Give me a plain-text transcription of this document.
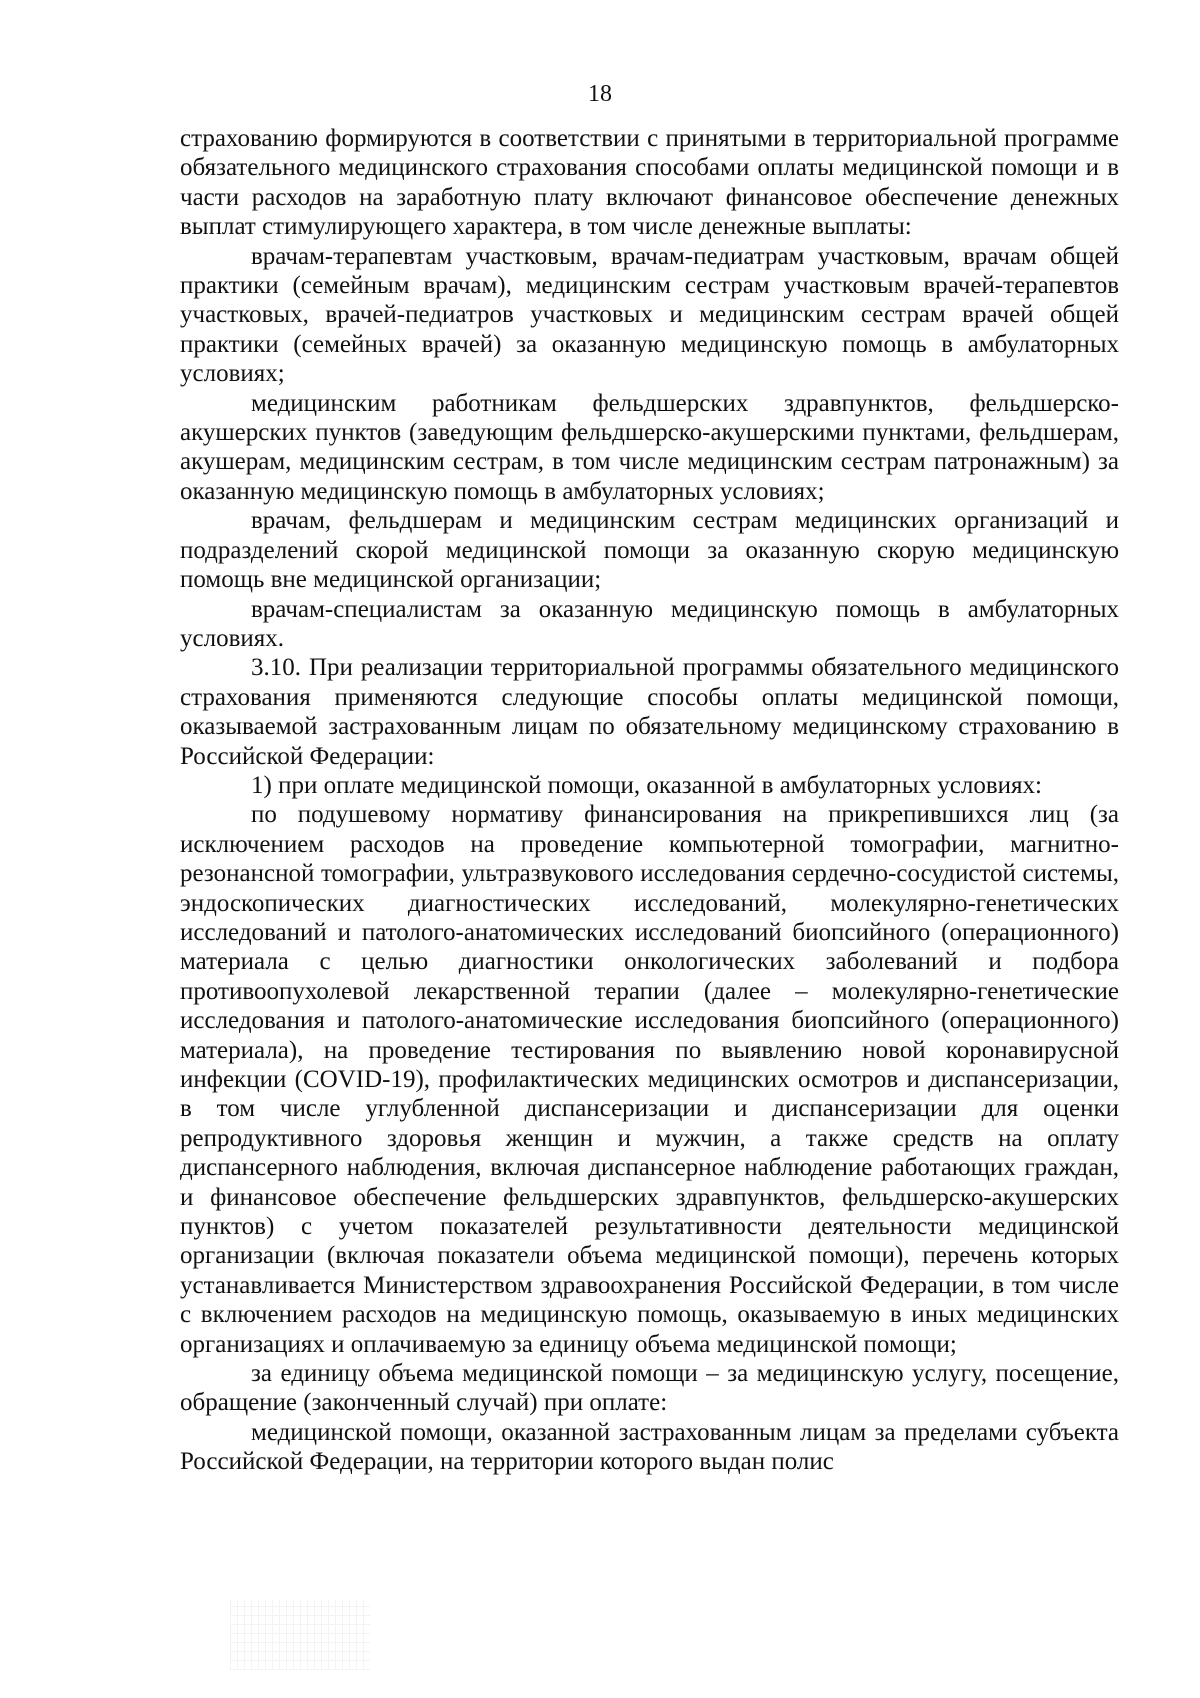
18

страхованию формируются в соответствии с принятыми в территориальной программе обязательного медицинского страхования способами оплаты медицинской помощи и в части расходов на заработную плату включают финансовое обеспечение денежных выплат стимулирующего характера, в том числе денежные выплаты:

врачам-терапевтам участковым, врачам-педиатрам участковым, врачам общей практики (семейным врачам), медицинским сестрам участковым врачей-терапевтов участковых, врачей-педиатров участковых и медицинским сестрам врачей общей практики (семейных врачей) за оказанную медицинскую помощь в амбулаторных условиях;

медицинским работникам фельдшерских здравпунктов, фельдшерско-акушерских пунктов (заведующим фельдшерско-акушерскими пунктами, фельдшерам, акушерам, медицинским сестрам, в том числе медицинским сестрам патронажным) за оказанную медицинскую помощь в амбулаторных условиях;

врачам, фельдшерам и медицинским сестрам медицинских организаций и подразделений скорой медицинской помощи за оказанную скорую медицинскую помощь вне медицинской организации;

врачам-специалистам за оказанную медицинскую помощь в амбулаторных условиях.

3.10. При реализации территориальной программы обязательного медицинского страхования применяются следующие способы оплаты медицинской помощи, оказываемой застрахованным лицам по обязательному медицинскому страхованию в Российской Федерации:

1) при оплате медицинской помощи, оказанной в амбулаторных условиях:

по подушевому нормативу финансирования на прикрепившихся лиц (за исключением расходов на проведение компьютерной томографии, магнитно-резонансной томографии, ультразвукового исследования сердечно-сосудистой системы, эндоскопических диагностических исследований, молекулярно-генетических исследований и патолого-анатомических исследований биопсийного (операционного) материала с целью диагностики онкологических заболеваний и подбора противоопухолевой лекарственной терапии (далее – молекулярно-генетические исследования и патолого-анатомические исследования биопсийного (операционного) материала), на проведение тестирования по выявлению новой коронавирусной инфекции (COVID-19), профилактических медицинских осмотров и диспансеризации, в том числе углубленной диспансеризации и диспансеризации для оценки репродуктивного здоровья женщин и мужчин, а также средств на оплату диспансерного наблюдения, включая диспансерное наблюдение работающих граждан, и финансовое обеспечение фельдшерских здравпунктов, фельдшерско-акушерских пунктов) с учетом показателей результативности деятельности медицинской организации (включая показатели объема медицинской помощи), перечень которых устанавливается Министерством здравоохранения Российской Федерации, в том числе с включением расходов на медицинскую помощь, оказываемую в иных медицинских организациях и оплачиваемую за единицу объема медицинской помощи;

за единицу объема медицинской помощи – за медицинскую услугу, посещение, обращение (законченный случай) при оплате:

медицинской помощи, оказанной застрахованным лицам за пределами субъекта Российской Федерации, на территории которого выдан полис
